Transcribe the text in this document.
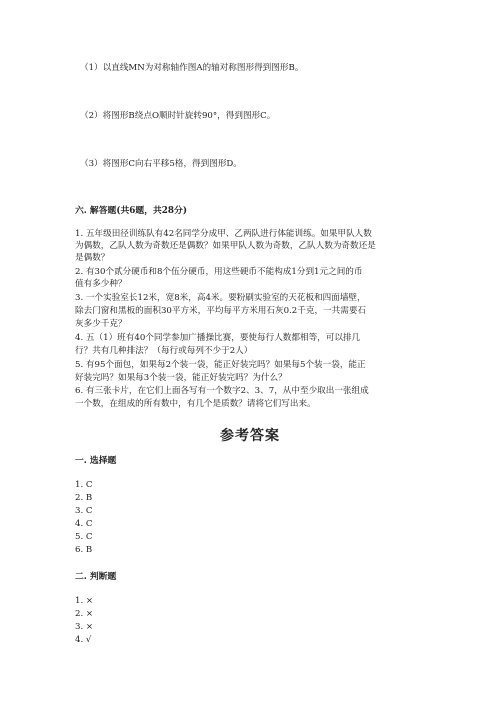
（1）以直线MN为对称轴作图A的轴对称图形得到图形B。
（2）将图形B绕点O顺时针旋转90°，得到图形C。
（3）将图形C向右平移5格，得到图形D。
六. 解答题(共6题，共28分)
1. 五年级田径训练队有42名同学分成甲、乙两队进行体能训练。如果甲队人数
为偶数，乙队人数为奇数还是偶数？如果甲队人数为奇数，乙队人数为奇数还是
是偶数？
2. 有30个贰分硬币和8个伍分硬币，用这些硬币不能构成1分到1元之间的币
值有多少种？
3. 一个实验室长12米，宽8米，高4米。要粉刷实验室的天花板和四面墙壁，
除去门窗和黑板的面积30平方米，平均每平方米用石灰0.2千克，一共需要石
灰多少千克？
4. 五（1）班有40个同学参加广播操比赛，要使每行人数都相等，可以排几
行？共有几种排法？（每行或每列不少于2人）
5. 有95个面包，如果每2个装一袋，能正好装完吗？如果每5个装一袋，能正
好装完吗？如果每3个装一袋，能正好装完吗？为什么？
6. 有三张卡片，在它们上面各写有一个数字2、3、7，从中至少取出一张组成
一个数，在组成的所有数中，有几个是质数？请将它们写出来。
参考答案
一. 选择题
1. C
2. B
3. C
4. C
5. C
6. B
二. 判断题
1. ×
2. ×
3. ×
4. √
